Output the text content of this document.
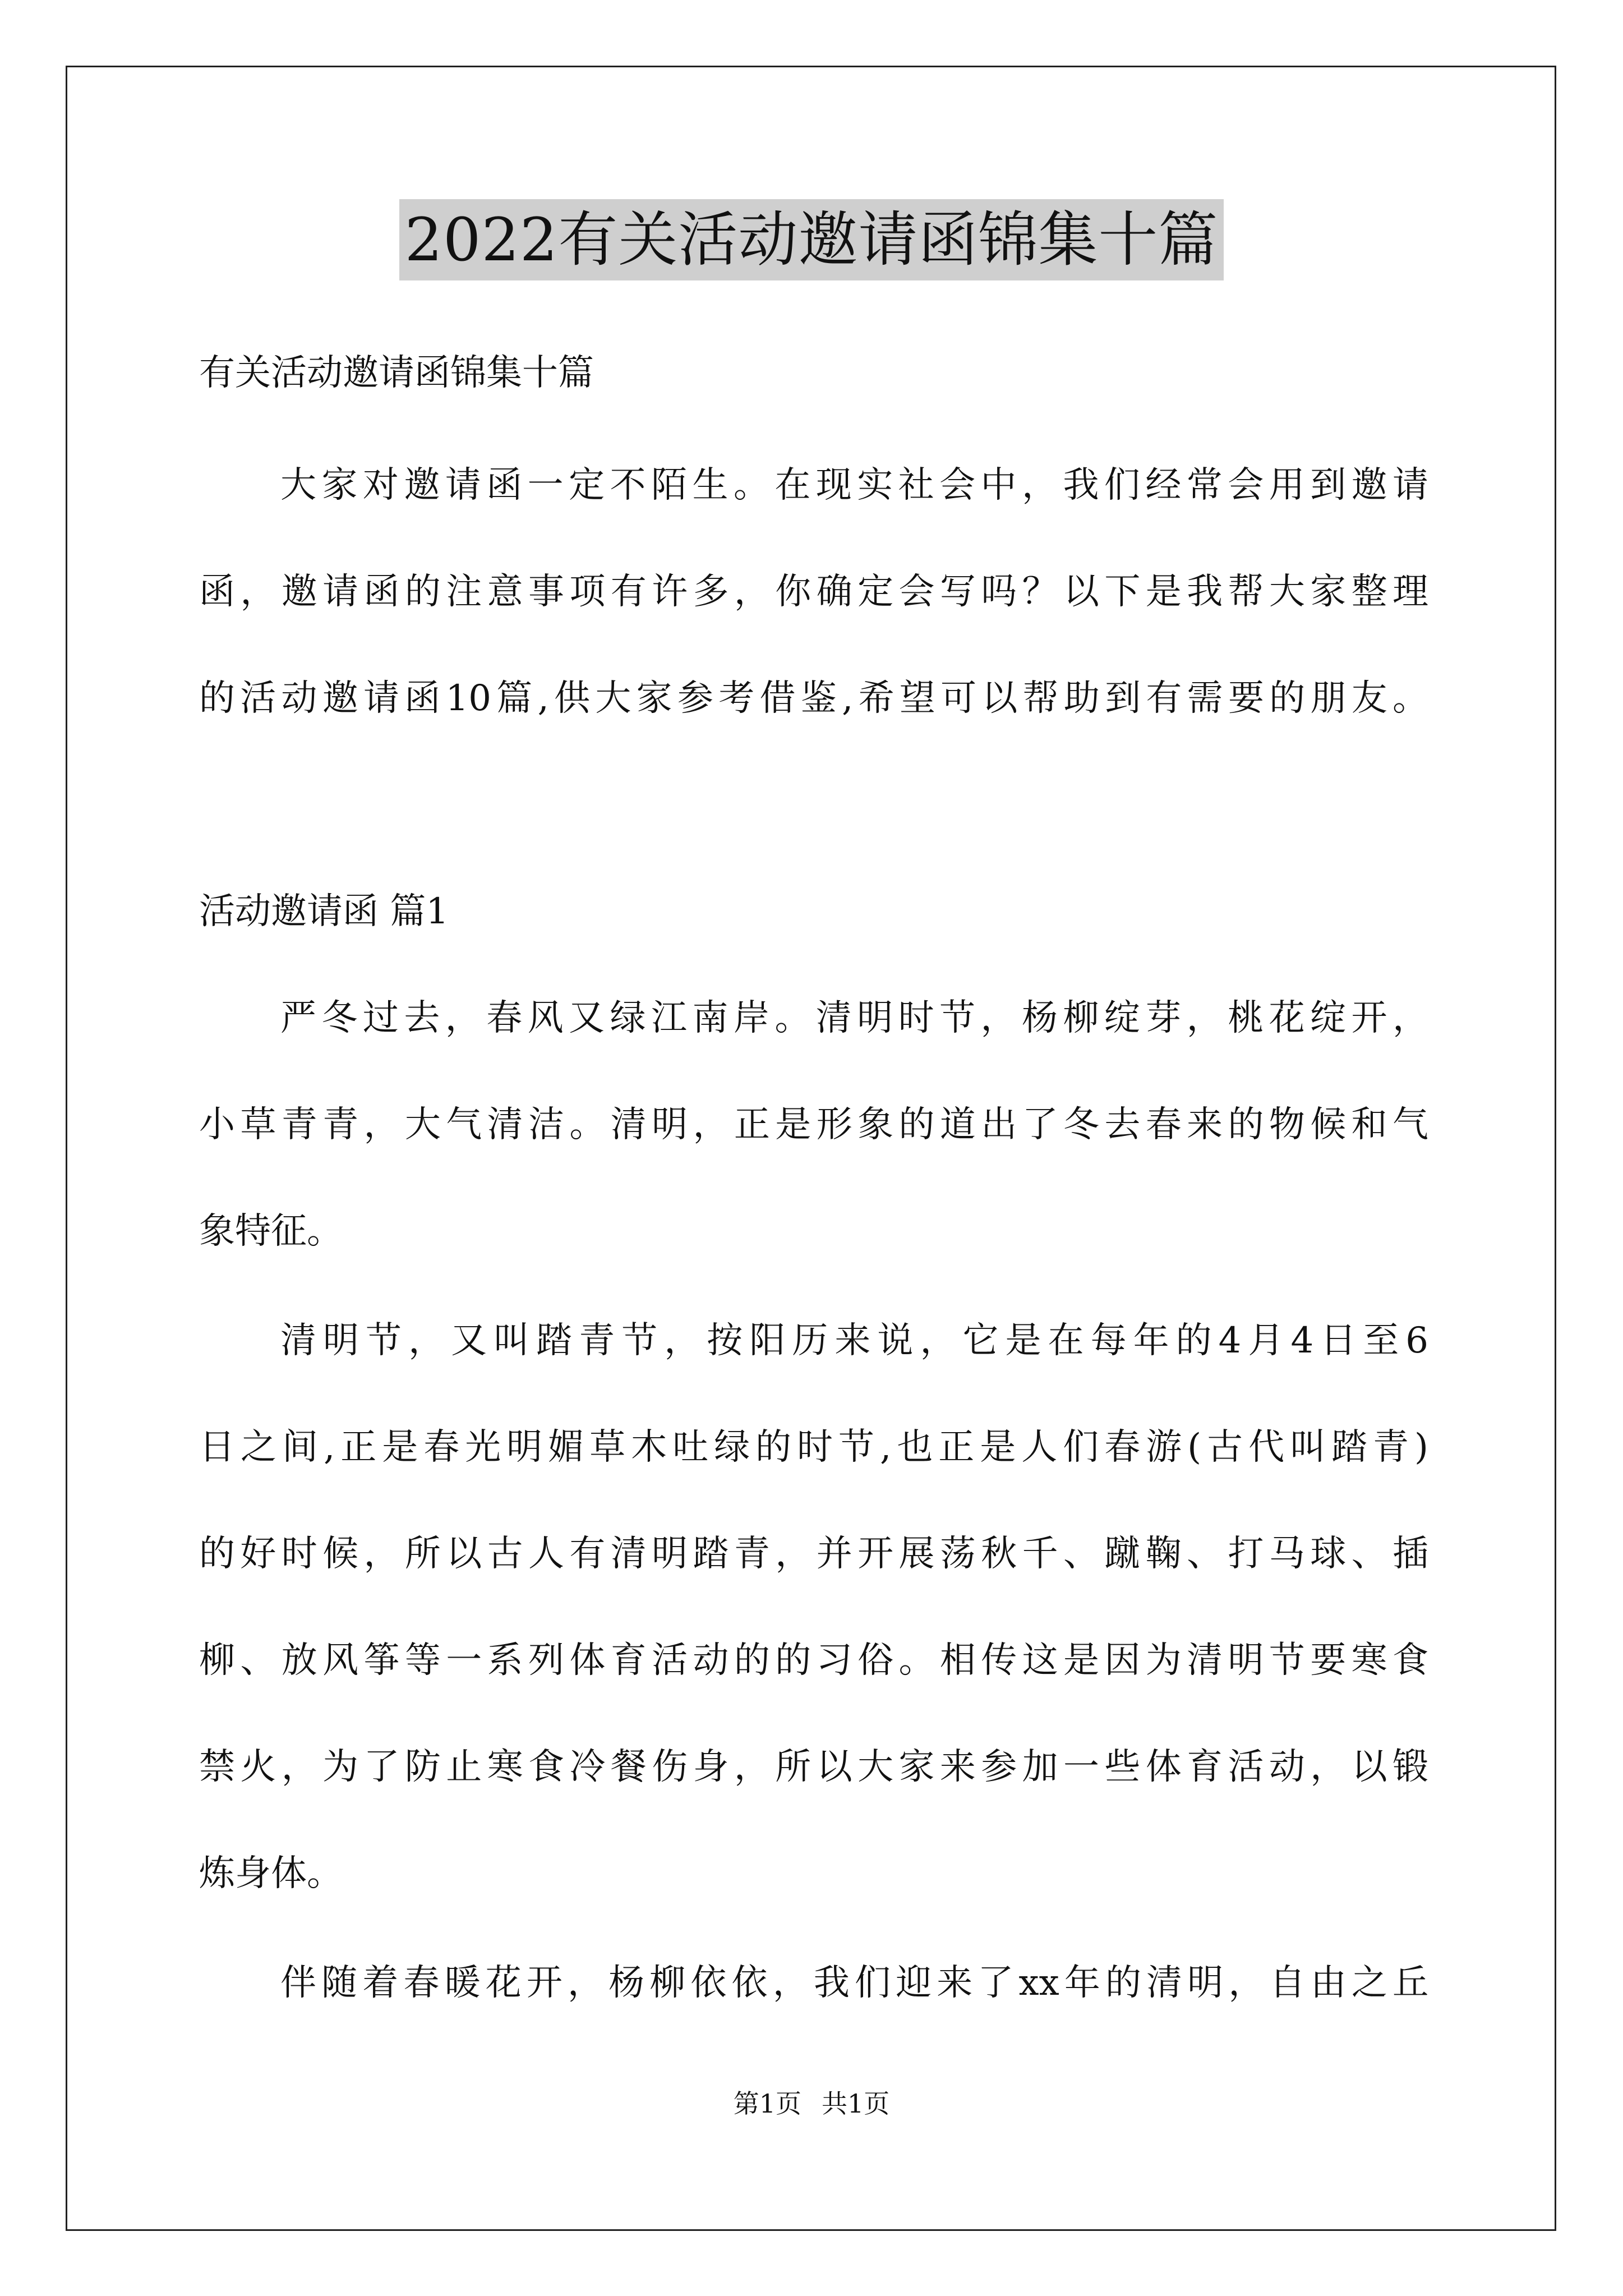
2022有关活动邀请函锦集十篇

有关活动邀请函锦集十篇

大家对邀请函一定不陌生。在现实社会中，我们经常会用到邀请

函，邀请函的注意事项有许多，你确定会写吗？以下是我帮大家整理

的活动邀请函10篇,供大家参考借鉴,希望可以帮助到有需要的朋友。

活动邀请函 篇1

严冬过去，春风又绿江南岸。清明时节，杨柳绽芽，桃花绽开，

小草青青，大气清洁。清明，正是形象的道出了冬去春来的物候和气

象特征。

清明节，又叫踏青节，按阳历来说，它是在每年的4月4日至6

日之间,正是春光明媚草木吐绿的时节,也正是人们春游(古代叫踏青)

的好时候，所以古人有清明踏青，并开展荡秋千、蹴鞠、打马球、插

柳、放风筝等一系列体育活动的的习俗。相传这是因为清明节要寒食

禁火，为了防止寒食冷餐伤身，所以大家来参加一些体育活动，以锻

炼身体。

伴随着春暖花开，杨柳依依，我们迎来了xx年的清明，自由之丘

第1页 共1页
